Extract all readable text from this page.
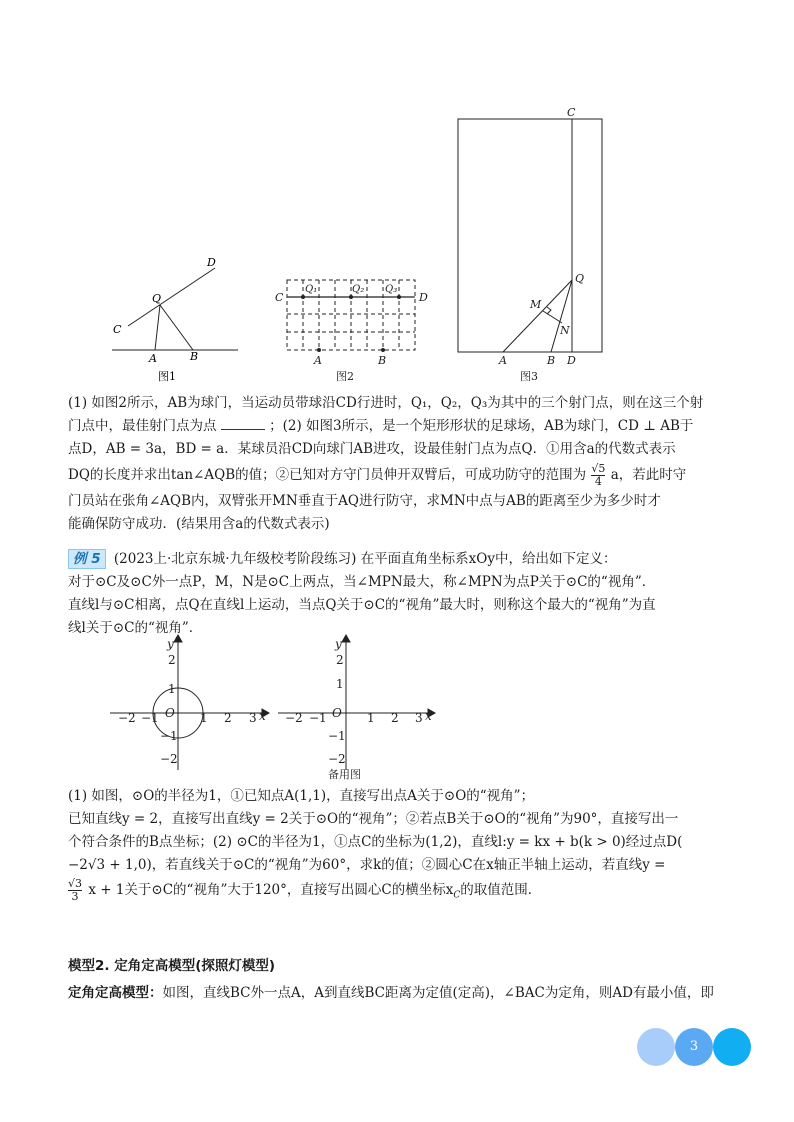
D
Q
C
A	B
图1
C	D
Q₁	Q₂ Q₃
A	B
图2
C
Q
M
N
A	B D
图3
−2 −1 O 1 2 3 x
y
2
1
−1
−2
−2 −1 O 1 2 3 x
y
2
1
−1
−2
备用图
(1) 如图2所示，AB为球门，当运动员带球沿CD行进时，Q₁，Q₂，Q₃为其中的三个射门点，则在这三个射
门点中，最佳射门点为点	；(2) 如图3所示，是一个矩形形状的足球场，AB为球门，CD ⊥ AB于
点D，AB = 3a，BD = a．某球员沿CD向球门AB进攻，设最佳射门点为点Q．①用含a的代数式表示
DQ的长度并求出tan∠AQB的值；②已知对方守门员伸开双臂后，可成功防守的范围为 $\frac{√5}{4}$ a，若此时守
门员站在张角∠AQB内，双臂张开MN垂直于AQ进行防守，求MN中点与AB的距离至少为多少时才
能确保防守成功．(结果用含a的代数式表示)
例 5 (2023上·北京东城·九年级校考阶段练习) 在平面直角坐标系xOy中，给出如下定义：
对于⊙C及⊙C外一点P，M，N是⊙C上两点，当∠MPN最大，称∠MPN为点P关于⊙C的“视角”．
直线l与⊙C相离，点Q在直线l上运动，当点Q关于⊙C的“视角”最大时，则称这个最大的“视角”为直
线l关于⊙C的“视角”．
(1) 如图，⊙O的半径为1，①已知点A(1,1)，直接写出点A关于⊙O的“视角”；
已知直线y = 2，直接写出直线y = 2关于⊙O的“视角”；②若点B关于⊙O的“视角”为90°，直接写出一
个符合条件的B点坐标；(2) ⊙C的半径为1，①点C的坐标为(1,2)，直线l:y = kx + b(k > 0)经过点D(
−2√3 + 1,0)，若直线关于⊙C的“视角”为60°，求k的值；②圆心C在x轴正半轴上运动，若直线y =
$\frac{√3}{3}$ x + 1关于⊙C的“视角”大于120°，直接写出圆心C的横坐标$x_C$的取值范围．
模型2. 定角定高模型(探照灯模型)
定角定高模型：如图，直线BC外一点A，A到直线BC距离为定值(定高)，∠BAC为定角，则AD有最小值，即
3
